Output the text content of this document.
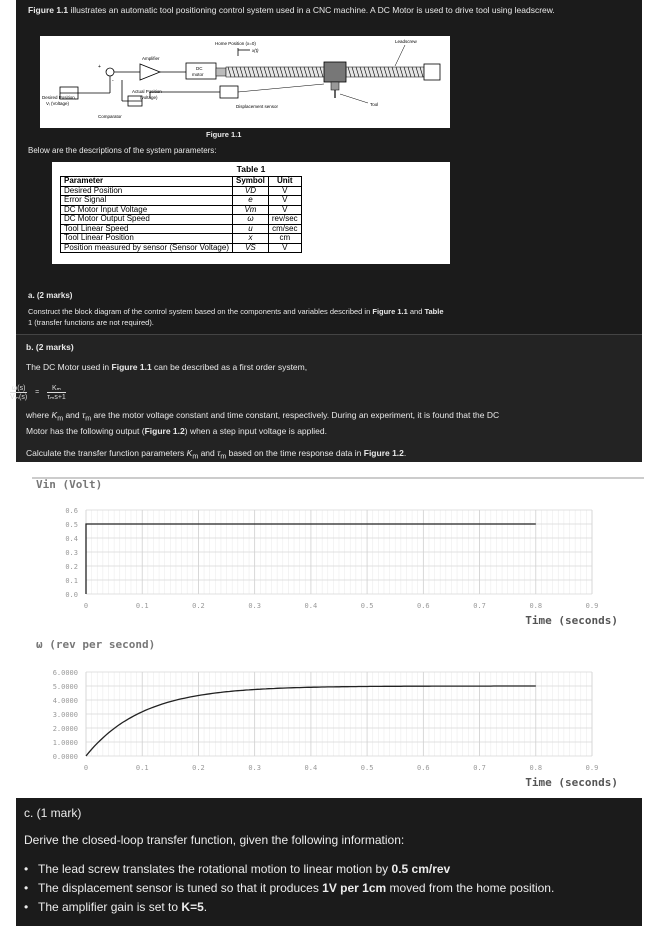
Figure 1.1 illustrates an automatic tool positioning control system used in a CNC machine. A DC Motor is used to drive tool using leadscrew.
Home Position (x=0)
x(t)
Leadscrew
Amplifier
DC
motor
Tool
+
-
Desired Position,
Vᵢ (Voltage)
Actual Position
(voltage)
Comparator
Displacement sensor
Figure 1.1
Below are the descriptions of the system parameters:
Table 1
Parameter	Symbol	Unit
Desired Position	VD	V
Error Signal	e	V
DC Motor Input Voltage	Vm	V
DC Motor Output Speed	ω	rev/sec
Tool Linear Speed	u	cm/sec
Tool Linear Position	x	cm
Position measured by sensor (Sensor Voltage)	VS	V
a. (2 marks)
Construct the block diagram of the control system based on the components and variables described in Figure 1.1 and Table
1 (transfer functions are not required).
b. (2 marks)
The DC Motor used in Figure 1.1 can be described as a first order system,
where $K_m$ and $\tau_m$ are the motor voltage constant and time constant, respectively. During an experiment, it is found that the DC
Motor has the following output (Figure 1.2) when a step input voltage is applied.
Calculate the transfer function parameters $K_m$ and $\tau_m$ based on the time response data in Figure 1.2.
$\frac{\omega(s)}{\text{Vₘ(s)}} = \frac{\text{Kₘ}}{\text{τₘs+1}}$
Vin (Volt)
0.0
0.1
0.2
0.3
0.4
0.5
0.6
0	0.1	0.2	0.3	0.4	0.5	0.6	0.7	0.8	0.9
Time (seconds)
ω (rev per second)
0.0000
1.0000
2.0000
3.0000
4.0000
5.0000
6.0000
0	0.1	0.2	0.3	0.4	0.5	0.6	0.7	0.8	0.9
Time (seconds)
c. (1 mark)
Derive the closed-loop transfer function, given the following information:
• The lead screw translates the rotational motion to linear motion by 0.5 cm/rev
• The displacement sensor is tuned so that it produces 1V per 1cm moved from the home position.
• The amplifier gain is set to K=5.
